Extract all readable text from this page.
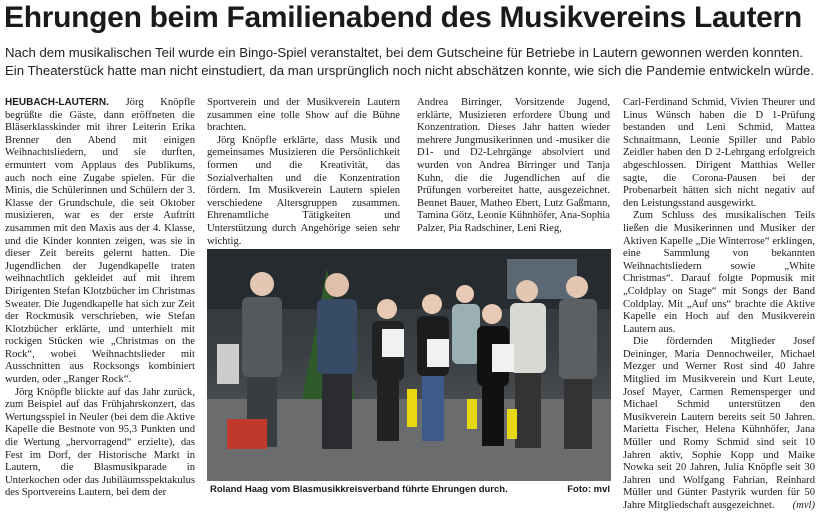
Ehrungen beim Familienabend des Musikvereins Lautern
Nach dem musikalischen Teil wurde ein Bingo-Spiel veranstaltet, bei dem Gutscheine für Betriebe in Lautern gewonnen werden konnten. Ein Theaterstück hatte man nicht einstudiert, da man ursprünglich noch nicht abschätzen konnte, wie sich die Pandemie entwickeln würde.

HEUBACH-LAUTERN. Jörg Knöpfle begrüßte die Gäste, dann eröffneten die Bläserklasskinder mit ihrer Leiterin Erika Brenner den Abend mit einigen Weihnachtsliedern, und sie durften, ermuntert vom Applaus des Publikums, auch noch eine Zugabe spielen. Für die Minis, die Schülerinnen und Schülern der 3. Klasse der Grundschule, die seit Oktober musizieren, war es der erste Auftritt zusammen mit den Maxis aus der 4. Klasse, und die Kinder konnten zeigen, was sie in dieser Zeit bereits gelernt hatten. Die Jugendlichen der Jugendkapelle traten weihnachtlich gekleidet auf mit ihrem Dirigenten Stefan Klotzbücher im Christmas Sweater. Die Jugendkapelle hat sich zur Zeit der Rockmusik verschrieben, wie Stefan Klotzbücher erklärte, und unterhielt mit rockigen Stücken wie „Christmas on the Rock“, wobei Weihnachtslieder mit Ausschnitten aus Rocksongs kombiniert wurden, oder „Ranger Rock“.

Jörg Knöpfle blickte auf das Jahr zurück, zum Beispiel auf das Frühjahrskonzert, das Wertungsspiel in Neuler (bei dem die Aktive Kapelle die Bestnote von 95,3 Punkten und die Wertung „hervorragend“ erzielte), das Fest im Dorf, der Historische Markt in Lautern, die Blasmusikparade in Unterkochen oder das Jubiläumsspektakulus des Sportvereins Lautern, bei dem der

Sportverein und der Musikverein Lautern zusammen eine tolle Show auf die Bühne brachten.

Jörg Knöpfle erklärte, dass Musik und gemeinsames Musizieren die Persönlichkeit formen und die Kreativität, das Sozialverhalten und die Konzentration fördern. Im Musikverein Lautern spielen verschiedene Altersgruppen zusammen. Ehrenamtliche Tätigkeiten und Unterstützung durch Angehörige seien sehr wichtig.

Andrea Birringer, Vorsitzende Jugend, erklärte, Musizieren erfordere Übung und Konzentration. Dieses Jahr hatten wieder mehrere Jungmusikerinnen und -musiker die D1- und D2-Lehrgänge absolviert und wurden von Andrea Birringer und Tanja Kuhn, die die Jugendlichen auf die Prüfungen vorbereitet hatte, ausgezeichnet. Bennet Bauer, Matheo Ebert, Lutz Gaßmann, Tamina Götz, Leonie Kühnhöfer, Ana-Sophia Palzer, Pia Radschiner, Leni Rieg,

Carl-Ferdinand Schmid, Vivien Theurer und Linus Wünsch haben die D 1-Prüfung bestanden und Leni Schmid, Mattea Schnaitmann, Leonie Spiller und Pablo Zeidler haben den D 2-Lehrgang erfolgreich abgeschlossen. Dirigent Matthias Weller sagte, die Corona-Pausen bei der Probenarbeit hätten sich nicht negativ auf den Leistungsstand ausgewirkt.

Zum Schluss des musikalischen Teils ließen die Musikerinnen und Musiker der Aktiven Kapelle „Die Winterrose“ erklingen, eine Sammlung von bekannten Weihnachtsliedern sowie „White Christmas“. Darauf folgte Popmusik mit „Coldplay on Stage“ mit Songs der Band Coldplay. Mit „Auf uns“ brachte die Aktive Kapelle ein Hoch auf den Musikverein Lautern aus.

Die fördernden Mitglieder Josef Deininger, Maria Dennochweiler, Michael Mezger und Werner Rost sind 40 Jahre Mitglied im Musikverein und Kurt Leute, Josef Mayer, Carmen Remensperger und Michael Schmid unterstützen den Musikverein Lautern bereits seit 50 Jahren. Marietta Fischer, Helena Kühnhöfer, Jana Müller und Romy Schmid sind seit 10 Jahren aktiv, Sophie Kopp und Maike Nowka seit 20 Jahren, Julia Knöpfle seit 30 Jahren und Wolfgang Fahrian, Reinhard Müller und Günter Pastyrik wurden für 50 Jahre Mitgliedschaft ausgezeichnet.	(mvl)

Roland Haag vom Blasmusikkreisverband führte Ehrungen durch.	Foto: mvl
